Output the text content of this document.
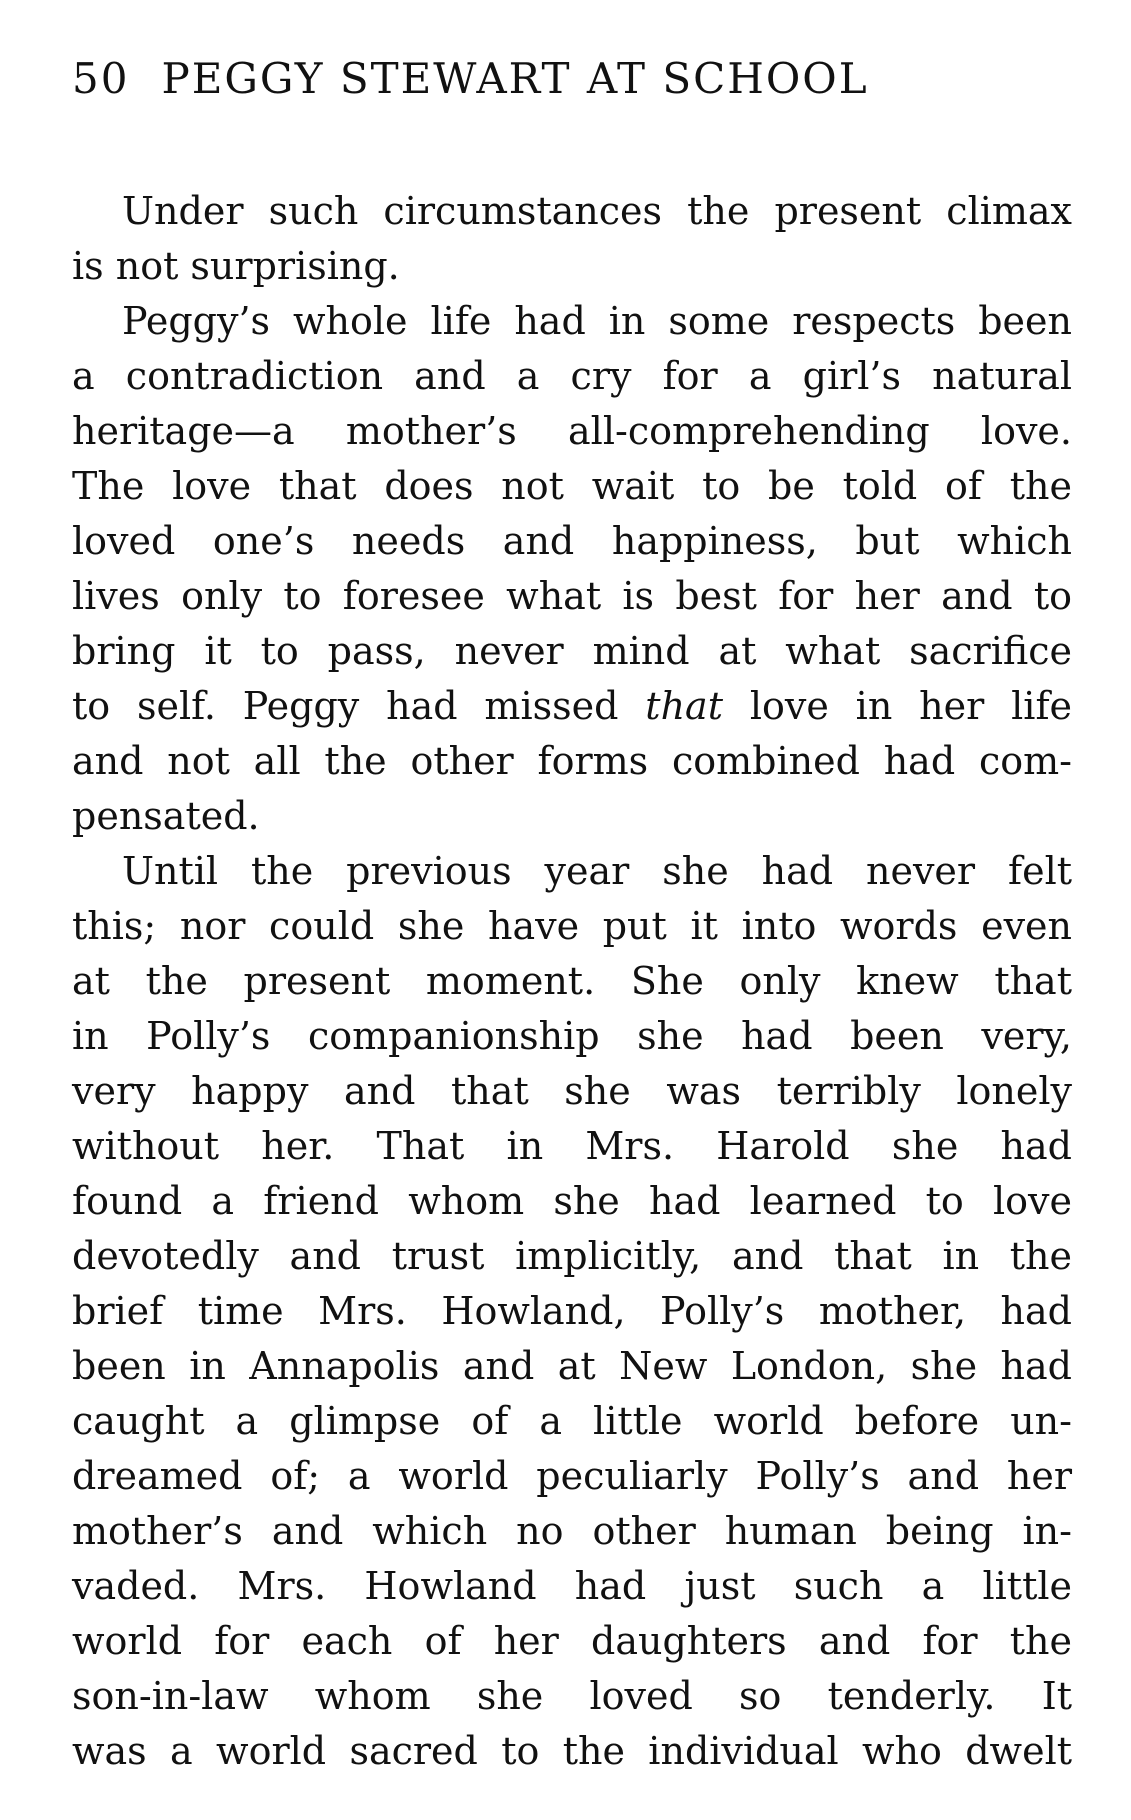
50 PEGGY STEWART AT SCHOOL
Under such circumstances the present climax
is not surprising.
Peggy’s whole life had in some respects been
a contradiction and a cry for a girl’s natural
heritage—a mother’s all-comprehending love.
The love that does not wait to be told of the
loved one’s needs and happiness, but which
lives only to foresee what is best for her and to
bring it to pass, never mind at what sacrifice
to self. Peggy had missed that love in her life
and not all the other forms combined had com-
pensated.
Until the previous year she had never felt
this; nor could she have put it into words even
at the present moment. She only knew that
in Polly’s companionship she had been very,
very happy and that she was terribly lonely
without her. That in Mrs. Harold she had
found a friend whom she had learned to love
devotedly and trust implicitly, and that in the
brief time Mrs. Howland, Polly’s mother, had
been in Annapolis and at New London, she had
caught a glimpse of a little world before un-
dreamed of; a world peculiarly Polly’s and her
mother’s and which no other human being in-
vaded. Mrs. Howland had just such a little
world for each of her daughters and for the
son-in-law whom she loved so tenderly. It
was a world sacred to the individual who dwelt
